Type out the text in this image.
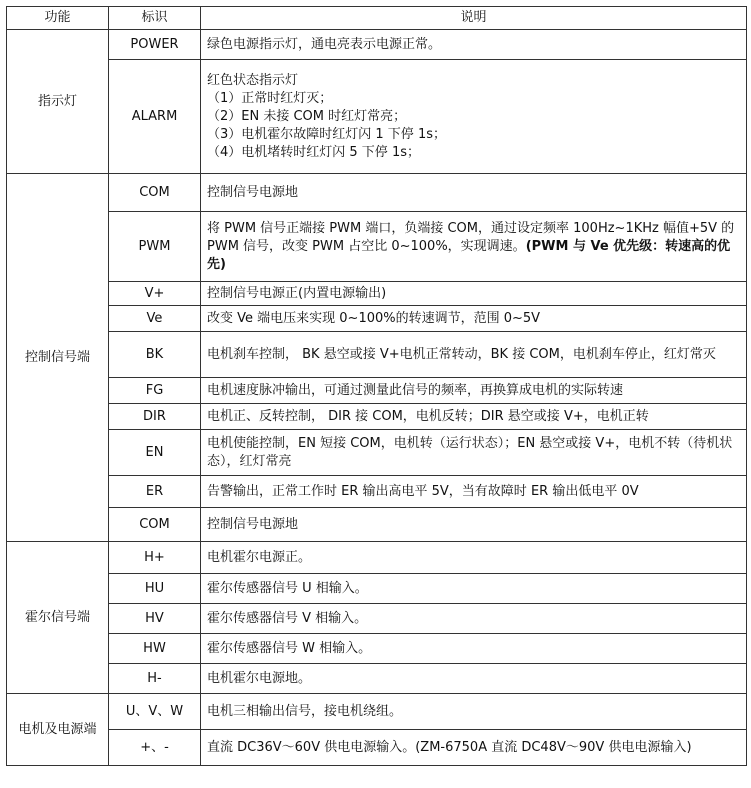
功能	标识	说明
指示灯	POWER	绿色电源指示灯，通电亮表示电源正常。
	ALARM	红色状态指示灯
（1）正常时红灯灭；
（2）EN 未接 COM 时红灯常亮；
（3）电机霍尔故障时红灯闪 1 下停 1s；
（4）电机堵转时红灯闪 5 下停 1s；

控制信号端	COM	控制信号电源地
	PWM	将 PWM 信号正端接 PWM 端口，负端接 COM，通过设定频率 100Hz~1KHz 幅值+5V 的 PWM 信号，改变 PWM 占空比 0~100%，实现调速。(PWM 与 Ve 优先级：转速高的优先)
	V+	控制信号电源正(内置电源输出)
	Ve	改变 Ve 端电压来实现 0~100%的转速调节，范围 0~5V
	BK	电机刹车控制， BK 悬空或接 V+电机正常转动，BK 接 COM，电机刹车停止，红灯常灭
	FG	电机速度脉冲输出，可通过测量此信号的频率，再换算成电机的实际转速
	DIR	电机正、反转控制， DIR 接 COM，电机反转；DIR 悬空或接 V+，电机正转
	EN	电机使能控制，EN 短接 COM，电机转（运行状态）；EN 悬空或接 V+，电机不转（待机状态），红灯常亮
	ER	告警输出，正常工作时 ER 输出高电平 5V，当有故障时 ER 输出低电平 0V
	COM	控制信号电源地
霍尔信号端	H+	电机霍尔电源正。
	HU	霍尔传感器信号 U 相输入。
	HV	霍尔传感器信号 V 相输入。
	HW	霍尔传感器信号 W 相输入。
	H-	电机霍尔电源地。
电机及电源端	U、V、W	电机三相输出信号，接电机绕组。
	+、-	直流 DC36V～60V 供电电源输入。(ZM-6750A 直流 DC48V～90V 供电电源输入)
